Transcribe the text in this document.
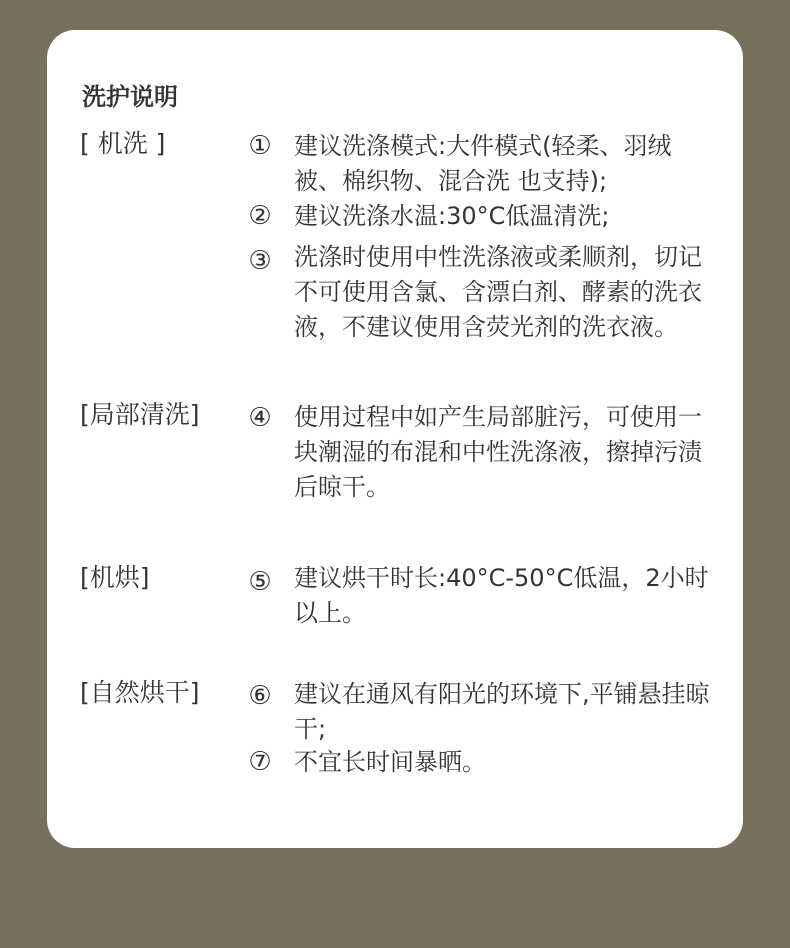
洗护说明
[ 机洗 ]	① 建议洗涤模式:大件模式(轻柔、羽绒被、棉织物、混合洗 也支持);
② 建议洗涤水温:30°C低温清洗;
③ 洗涤时使用中性洗涤液或柔顺剂，切记不可使用含氯、含漂白剂、酵素的洗衣液，不建议使用含荧光剂的洗衣液。
[局部清洗] ④ 使用过程中如产生局部脏污，可使用一块潮湿的布混和中性洗涤液，擦掉污渍后晾干。
[机烘]	⑤ 建议烘干时长:40°C-50°C低温，2小时以上。
[自然烘干] ⑥ 建议在通风有阳光的环境下,平铺悬挂晾干;
⑦ 不宜长时间暴晒。
